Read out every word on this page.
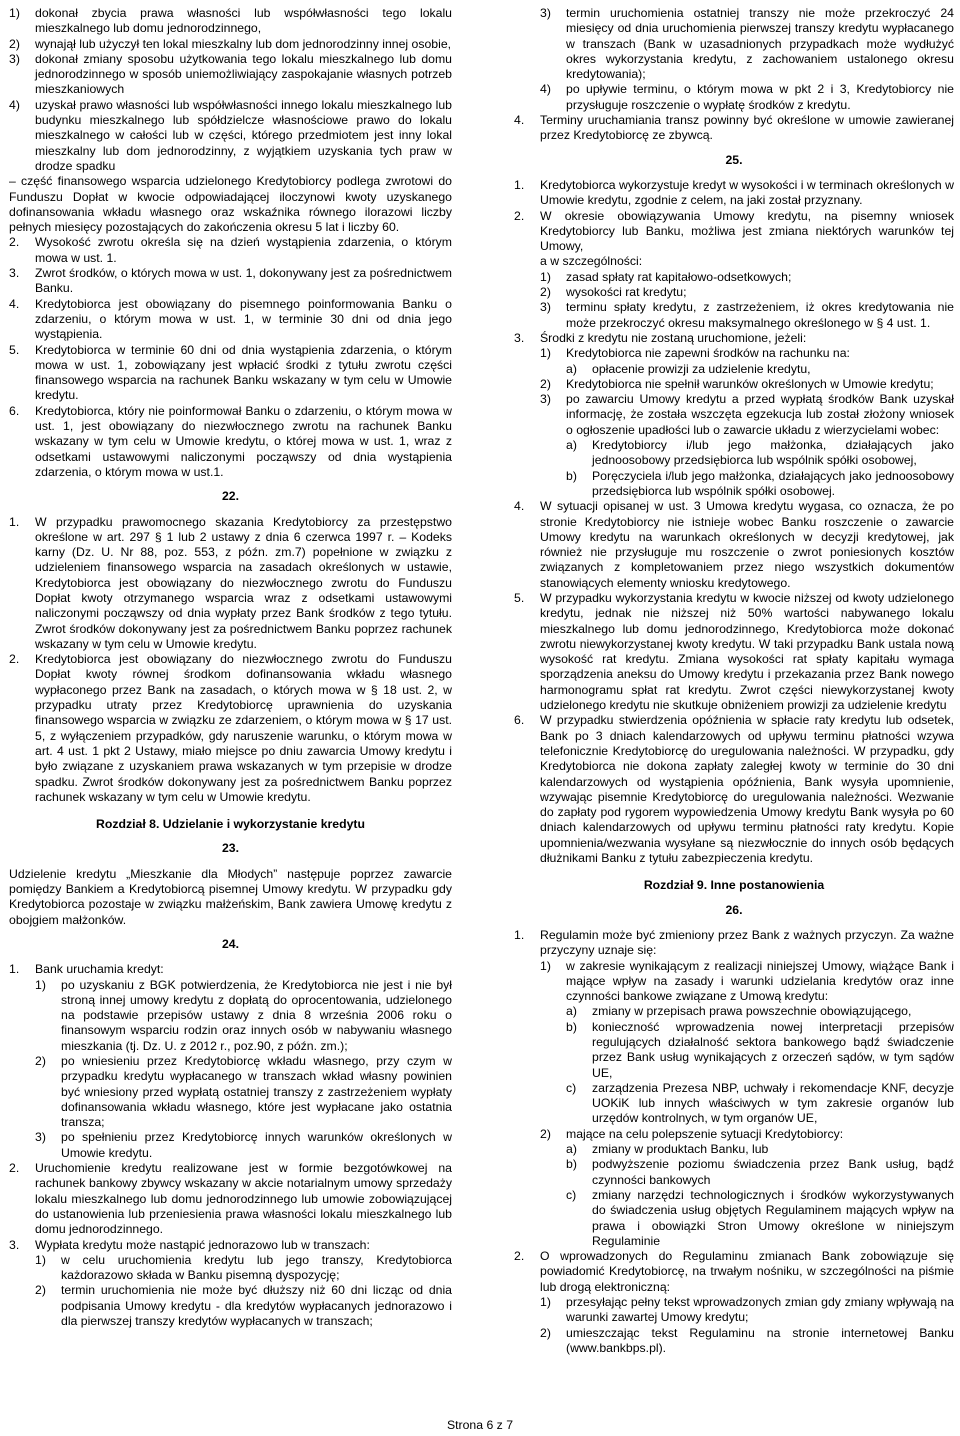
1)	dokonał zbycia prawa własności lub współwłasności tego lokalu mieszkalnego lub domu jednorodzinnego,
2)	wynajął lub użyczył ten lokal mieszkalny lub dom jednorodzinny innej osobie,
3)	dokonał zmiany sposobu użytkowania tego lokalu mieszkalnego lub domu jednorodzinnego w sposób uniemożliwiający zaspokajanie własnych potrzeb mieszkaniowych
4)	uzyskał prawo własności lub współwłasności innego lokalu mieszkalnego lub budynku mieszkalnego lub spółdzielcze własnościowe prawo do lokalu mieszkalnego w całości lub w części, którego przedmiotem jest inny lokal mieszkalny lub dom jednorodzinny, z wyjątkiem uzyskania tych praw w drodze spadku
– część finansowego wsparcia udzielonego Kredytobiorcy podlega zwrotowi do Funduszu Dopłat w kwocie odpowiadającej iloczynowi kwoty uzyskanego dofinansowania wkładu własnego oraz wskaźnika równego ilorazowi liczby pełnych miesięcy pozostających do zakończenia okresu 5 lat i liczby 60.
2.	Wysokość zwrotu określa się na dzień wystąpienia zdarzenia, o którym mowa w ust. 1.
3.	Zwrot środków, o których mowa w ust. 1, dokonywany jest za pośrednictwem Banku.
4.	Kredytobiorca jest obowiązany do pisemnego poinformowania Banku o zdarzeniu, o którym mowa w ust. 1, w terminie 30 dni od dnia jego wystąpienia.
5.	Kredytobiorca w terminie 60 dni od dnia wystąpienia zdarzenia, o którym mowa w ust. 1, zobowiązany jest wpłacić środki z tytułu zwrotu części finansowego wsparcia na rachunek Banku wskazany w tym celu w Umowie kredytu.
6.	Kredytobiorca, który nie poinformował Banku o zdarzeniu, o którym mowa w ust. 1, jest obowiązany do niezwłocznego zwrotu na rachunek Banku wskazany w tym celu w Umowie kredytu, o której mowa w ust. 1, wraz z odsetkami ustawowymi naliczonymi począwszy od dnia wystąpienia zdarzenia, o którym mowa w ust.1.
22.
1.	W przypadku prawomocnego skazania Kredytobiorcy za przestępstwo określone w art. 297 § 1 lub 2 ustawy z dnia 6 czerwca 1997 r. – Kodeks karny (Dz. U. Nr 88, poz. 553, z późn. zm.7) popełnione w związku z udzieleniem finansowego wsparcia na zasadach określonych w ustawie, Kredytobiorca jest obowiązany do niezwłocznego zwrotu do Funduszu Dopłat kwoty otrzymanego wsparcia wraz z odsetkami ustawowymi naliczonymi począwszy od dnia wypłaty przez Bank środków z tego tytułu. Zwrot środków dokonywany jest za pośrednictwem Banku poprzez rachunek wskazany w tym celu w Umowie kredytu.
2.	Kredytobiorca jest obowiązany do niezwłocznego zwrotu do Funduszu Dopłat kwoty równej środkom dofinansowania wkładu własnego wypłaconego przez Bank na zasadach, o których mowa w § 18 ust. 2, w przypadku utraty przez Kredytobiorcę uprawnienia do uzyskania finansowego wsparcia w związku ze zdarzeniem, o którym mowa w § 17 ust. 5, z wyłączeniem przypadków, gdy naruszenie warunku, o którym mowa w art. 4 ust. 1 pkt 2 Ustawy, miało miejsce po dniu zawarcia Umowy kredytu i było związane z uzyskaniem prawa wskazanych w tym przepisie w drodze spadku. Zwrot środków dokonywany jest za pośrednictwem Banku poprzez rachunek wskazany w tym celu w Umowie kredytu.
Rozdział 8. Udzielanie i wykorzystanie kredytu
23.
Udzielenie kredytu „Mieszkanie dla Młodych” następuje poprzez zawarcie pomiędzy Bankiem a Kredytobiorcą pisemnej Umowy kredytu. W przypadku gdy Kredytobiorca pozostaje w związku małżeńskim, Bank zawiera Umowę kredytu z obojgiem małżonków.
24.
1.	Bank uruchamia kredyt:
1)	po uzyskaniu z BGK potwierdzenia, że Kredytobiorca nie jest i nie był stroną innej umowy kredytu z dopłatą do oprocentowania, udzielonego na podstawie przepisów ustawy z dnia 8 września 2006 roku o finansowym wsparciu rodzin oraz innych osób w nabywaniu własnego mieszkania (tj. Dz. U. z 2012 r., poz.90, z późn. zm.);
2)	po wniesieniu przez Kredytobiorcę wkładu własnego, przy czym w przypadku kredytu wypłacanego w transzach wkład własny powinien być wniesiony przed wypłatą ostatniej transzy z zastrzeżeniem wypłaty dofinansowania wkładu własnego, które jest wypłacane jako ostatnia transza;
3)	po spełnieniu przez Kredytobiorcę innych warunków określonych w Umowie kredytu.
2.	Uruchomienie kredytu realizowane jest w formie bezgotówkowej na rachunek bankowy zbywcy wskazany w akcie notarialnym umowy sprzedaży lokalu mieszkalnego lub domu jednorodzinnego lub umowie zobowiązującej do ustanowienia lub przeniesienia prawa własności lokalu mieszkalnego lub domu jednorodzinnego.
3.	Wypłata kredytu może nastąpić jednorazowo lub w transzach:
1)	w celu uruchomienia kredytu lub jego transzy, Kredytobiorca każdorazowo składa w Banku pisemną dyspozycję;
2)	termin uruchomienia nie może być dłuższy niż 60 dni licząc od dnia podpisania Umowy kredytu - dla kredytów wypłacanych jednorazowo i dla pierwszej transzy kredytów wypłacanych w transzach;
3)	termin uruchomienia ostatniej transzy nie może przekroczyć 24 miesięcy od dnia uruchomienia pierwszej transzy kredytu wypłacanego w transzach (Bank w uzasadnionych przypadkach może wydłużyć okres wykorzystania kredytu, z zachowaniem ustalonego okresu kredytowania);
4)	po upływie terminu, o którym mowa w pkt 2 i 3, Kredytobiorcy nie przysługuje roszczenie o wypłatę środków z kredytu.
4.	Terminy uruchamiania transz powinny być określone w umowie zawieranej przez Kredytobiorcę ze zbywcą.
25.
1.	Kredytobiorca wykorzystuje kredyt w wysokości i w terminach określonych w Umowie kredytu, zgodnie z celem, na jaki został przyznany.
2.	W okresie obowiązywania Umowy kredytu, na pisemny wniosek Kredytobiorcy lub Banku, możliwa jest zmiana niektórych warunków tej Umowy,
a w szczególności:
1)	zasad spłaty rat kapitałowo-odsetkowych;
2)	wysokości rat kredytu;
3)	terminu spłaty kredytu, z zastrzeżeniem, iż okres kredytowania nie może przekroczyć okresu maksymalnego określonego w § 4 ust. 1.
3.	Środki z kredytu nie zostaną uruchomione, jeżeli:
1)	Kredytobiorca nie zapewni środków na rachunku na:
a)	opłacenie prowizji za udzielenie kredytu,
2)	Kredytobiorca nie spełnił warunków określonych w Umowie kredytu;
3)	po zawarciu Umowy kredytu a przed wypłatą środków Bank uzyskał informację, że została wszczęta egzekucja lub został złożony wniosek o ogłoszenie upadłości lub o zawarcie układu z wierzycielami wobec:
a)	Kredytobiorcy i/lub jego małżonka, działających jako jednoosobowy przedsiębiorca lub wspólnik spółki osobowej,
b)	Poręczyciela i/lub jego małżonka, działających jako jednoosobowy przedsiębiorca lub wspólnik spółki osobowej.
4.	W sytuacji opisanej w ust. 3 Umowa kredytu wygasa, co oznacza, że po stronie Kredytobiorcy nie istnieje wobec Banku roszczenie o zawarcie Umowy kredytu na warunkach określonych w decyzji kredytowej, jak również nie przysługuje mu roszczenie o zwrot poniesionych kosztów związanych z kompletowaniem przez niego wszystkich dokumentów stanowiących elementy wniosku kredytowego.
5.	W przypadku wykorzystania kredytu w kwocie niższej od kwoty udzielonego kredytu, jednak nie niższej niż 50% wartości nabywanego lokalu mieszkalnego lub domu jednorodzinnego, Kredytobiorca może dokonać zwrotu niewykorzystanej kwoty kredytu. W taki przypadku Bank ustala nową wysokość rat kredytu. Zmiana wysokości rat spłaty kapitału wymaga sporządzenia aneksu do Umowy kredytu i przekazania przez Bank nowego harmonogramu spłat rat kredytu. Zwrot części niewykorzystanej kwoty udzielonego kredytu nie skutkuje obniżeniem prowizji za udzielenie kredytu
6.	W przypadku stwierdzenia opóźnienia w spłacie raty kredytu lub odsetek, Bank po 3 dniach kalendarzowych od upływu terminu płatności wzywa telefonicznie Kredytobiorcę do uregulowania należności. W przypadku, gdy Kredytobiorca nie dokona zapłaty zaległej kwoty w terminie do 30 dni kalendarzowych od wystąpienia opóźnienia, Bank wysyła upomnienie, wzywając pisemnie Kredytobiorcę do uregulowania należności. Wezwanie do zapłaty pod rygorem wypowiedzenia Umowy kredytu Bank wysyła po 60 dniach kalendarzowych od upływu terminu płatności raty kredytu. Kopie upomnienia/wezwania wysyłane są niezwłocznie do innych osób będących dłużnikami Banku z tytułu zabezpieczenia kredytu.
Rozdział 9. Inne postanowienia
26.
1.	Regulamin może być zmieniony przez Bank z ważnych przyczyn. Za ważne przyczyny uznaje się:
1)	w zakresie wynikającym z realizacji niniejszej Umowy, wiążące Bank i mające wpływ na zasady i warunki udzielania kredytów oraz inne czynności bankowe związane z Umową kredytu:
a)	zmiany w przepisach prawa powszechnie obowiązującego,
b)	konieczność wprowadzenia nowej interpretacji przepisów regulujących działalność sektora bankowego bądź świadczenie przez Bank usług wynikających z orzeczeń sądów, w tym sądów UE,
c)	zarządzenia Prezesa NBP, uchwały i rekomendacje KNF, decyzje UOKiK lub innych właściwych w tym zakresie organów lub urzędów kontrolnych, w tym organów UE,
2)	mające na celu polepszenie sytuacji Kredytobiorcy:
a)	zmiany w produktach Banku, lub
b)	podwyższenie poziomu świadczenia przez Bank usług, bądź czynności bankowych
c)	zmiany narzędzi technologicznych i środków wykorzystywanych do świadczenia usług objętych Regulaminem mających wpływ na prawa i obowiązki Stron Umowy określone w niniejszym Regulaminie
2.	O wprowadzonych do Regulaminu zmianach Bank zobowiązuje się powiadomić Kredytobiorcę, na trwałym nośniku, w szczególności na piśmie lub drogą elektroniczną:
1)	przesyłając pełny tekst wprowadzonych zmian gdy zmiany wpływają na warunki zawartej Umowy kredytu;
2)	umieszczając tekst Regulaminu na stronie internetowej Banku (www.bankbps.pl).
Strona 6 z 7
